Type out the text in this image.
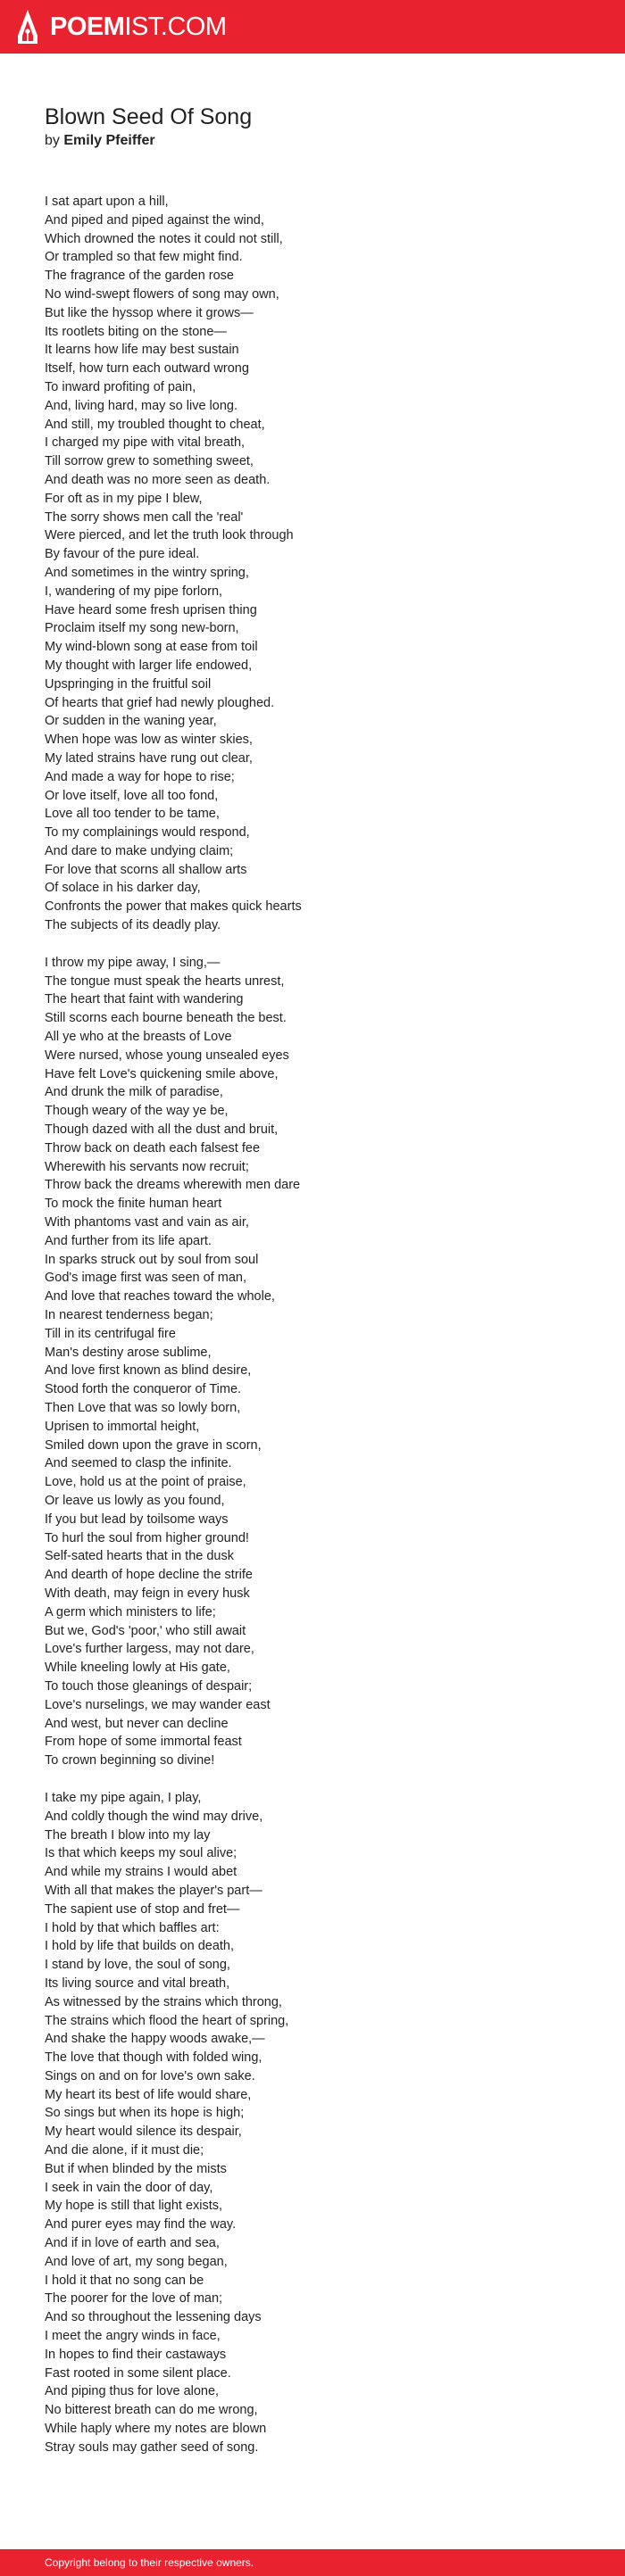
POEMIST.COM
Blown Seed Of Song
by Emily Pfeiffer
I sat apart upon a hill,
And piped and piped against the wind,
Which drowned the notes it could not still,
Or trampled so that few might find.
The fragrance of the garden rose
No wind-swept flowers of song may own,
But like the hyssop where it grows—
Its rootlets biting on the stone—
It learns how life may best sustain
Itself, how turn each outward wrong
To inward profiting of pain,
And, living hard, may so live long.
And still, my troubled thought to cheat,
I charged my pipe with vital breath,
Till sorrow grew to something sweet,
And death was no more seen as death.
For oft as in my pipe I blew,
The sorry shows men call the 'real'
Were pierced, and let the truth look through
By favour of the pure ideal.
And sometimes in the wintry spring,
I, wandering of my pipe forlorn,
Have heard some fresh uprisen thing
Proclaim itself my song new-born,
My wind-blown song at ease from toil
My thought with larger life endowed,
Upspringing in the fruitful soil
Of hearts that grief had newly ploughed.
Or sudden in the waning year,
When hope was low as winter skies,
My lated strains have rung out clear,
And made a way for hope to rise;
Or love itself, love all too fond,
Love all too tender to be tame,
To my complainings would respond,
And dare to make undying claim;
For love that scorns all shallow arts
Of solace in his darker day,
Confronts the power that makes quick hearts
The subjects of its deadly play.
I throw my pipe away, I sing,—
The tongue must speak the hearts unrest,
The heart that faint with wandering
Still scorns each bourne beneath the best.
All ye who at the breasts of Love
Were nursed, whose young unsealed eyes
Have felt Love's quickening smile above,
And drunk the milk of paradise,
Though weary of the way ye be,
Though dazed with all the dust and bruit,
Throw back on death each falsest fee
Wherewith his servants now recruit;
Throw back the dreams wherewith men dare
To mock the finite human heart
With phantoms vast and vain as air,
And further from its life apart.
In sparks struck out by soul from soul
God's image first was seen of man,
And love that reaches toward the whole,
In nearest tenderness began;
Till in its centrifugal fire
Man's destiny arose sublime,
And love first known as blind desire,
Stood forth the conqueror of Time.
Then Love that was so lowly born,
Uprisen to immortal height,
Smiled down upon the grave in scorn,
And seemed to clasp the infinite.
Love, hold us at the point of praise,
Or leave us lowly as you found,
If you but lead by toilsome ways
To hurl the soul from higher ground!
Self-sated hearts that in the dusk
And dearth of hope decline the strife
With death, may feign in every husk
A germ which ministers to life;
But we, God's 'poor,' who still await
Love's further largess, may not dare,
While kneeling lowly at His gate,
To touch those gleanings of despair;
Love's nurselings, we may wander east
And west, but never can decline
From hope of some immortal feast
To crown beginning so divine!
I take my pipe again, I play,
And coldly though the wind may drive,
The breath I blow into my lay
Is that which keeps my soul alive;
And while my strains I would abet
With all that makes the player's part—
The sapient use of stop and fret—
I hold by that which baffles art:
I hold by life that builds on death,
I stand by love, the soul of song,
Its living source and vital breath,
As witnessed by the strains which throng,
The strains which flood the heart of spring,
And shake the happy woods awake,—
The love that though with folded wing,
Sings on and on for love's own sake.
My heart its best of life would share,
So sings but when its hope is high;
My heart would silence its despair,
And die alone, if it must die;
But if when blinded by the mists
I seek in vain the door of day,
My hope is still that light exists,
And purer eyes may find the way.
And if in love of earth and sea,
And love of art, my song began,
I hold it that no song can be
The poorer for the love of man;
And so throughout the lessening days
I meet the angry winds in face,
In hopes to find their castaways
Fast rooted in some silent place.
And piping thus for love alone,
No bitterest breath can do me wrong,
While haply where my notes are blown
Stray souls may gather seed of song.
Copyright belong to their respective owners.
